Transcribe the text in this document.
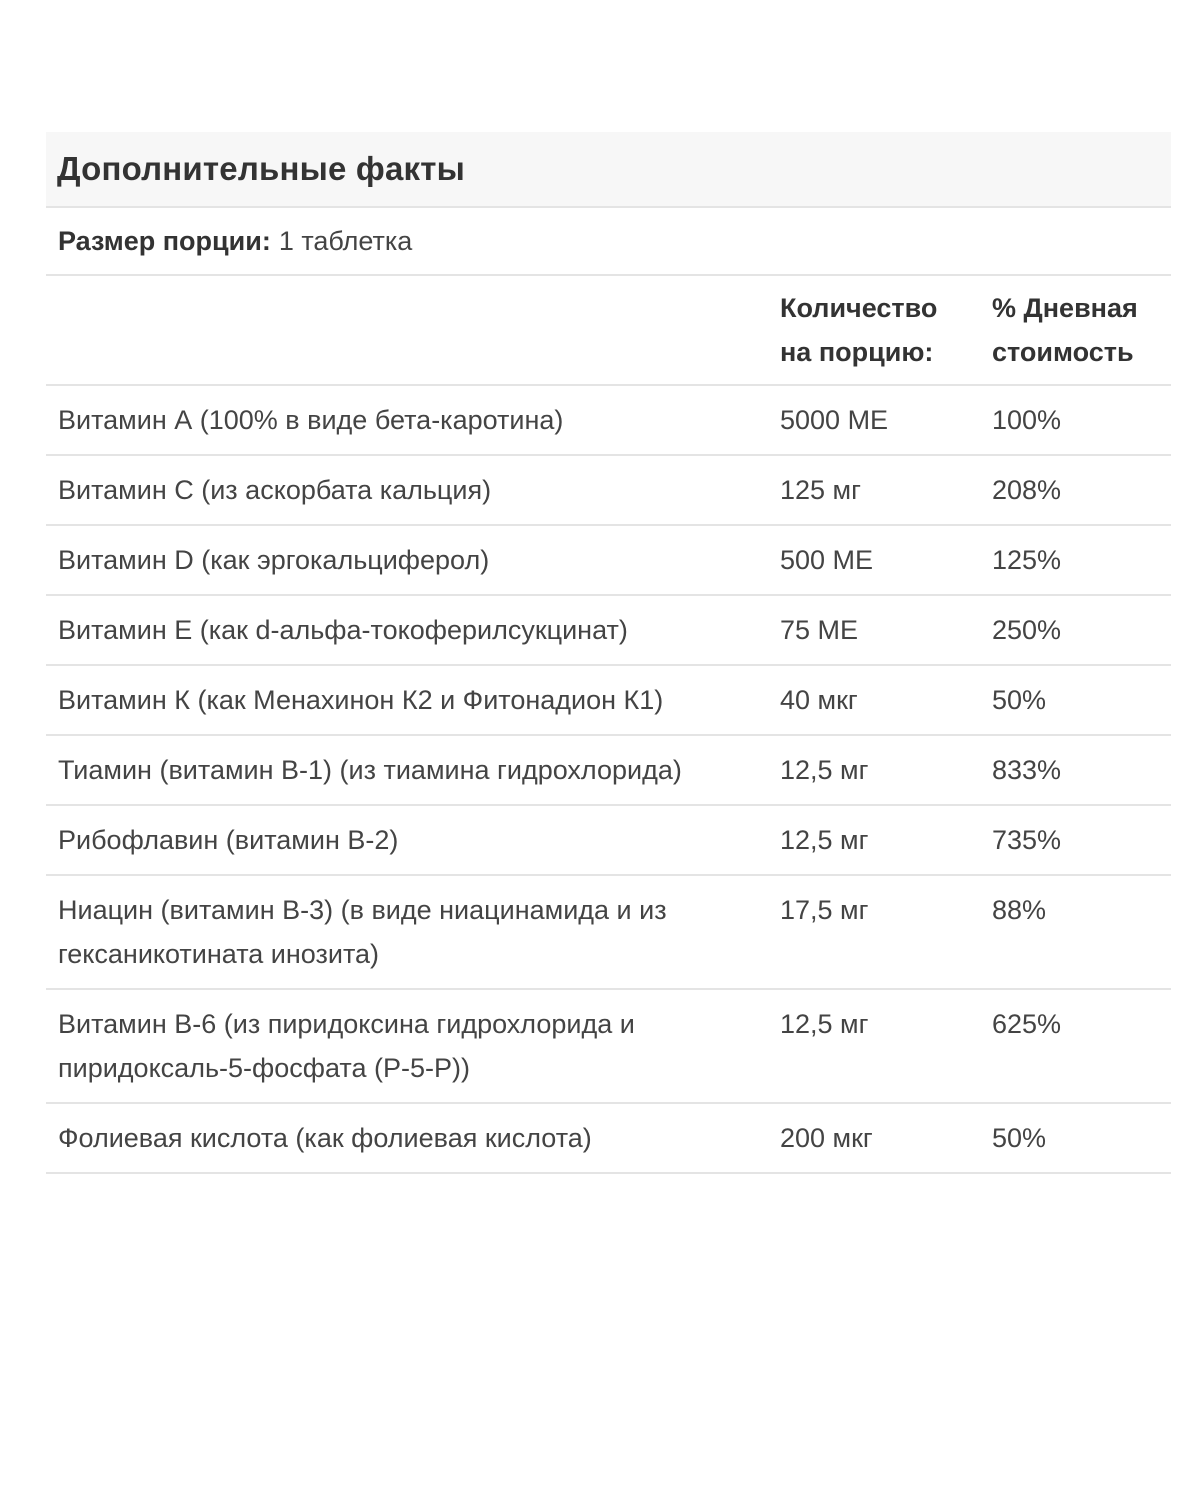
Дополнительные факты
Размер порции: 1 таблетка
	Количество на порцию:	% Дневная стоимость
Витамин А (100% в виде бета-каротина)	5000 МЕ	100%
Витамин С (из аскорбата кальция)	125 мг	208%
Витамин D (как эргокальциферол)	500 МЕ	125%
Витамин Е (как d-альфа-токоферилсукцинат)	75 МЕ	250%
Витамин К (как Менахинон К2 и Фитонадион К1)	40 мкг	50%
Тиамин (витамин В-1) (из тиамина гидрохлорида)	12,5 мг	833%
Рибофлавин (витамин В-2)	12,5 мг	735%
Ниацин (витамин В-3) (в виде ниацинамида и из гексаникотината инозита)	17,5 мг	88%
Витамин В-6 (из пиридоксина гидрохлорида и пиридоксаль-5-фосфата (Р-5-Р))	12,5 мг	625%
Фолиевая кислота (как фолиевая кислота)	200 мкг	50%
